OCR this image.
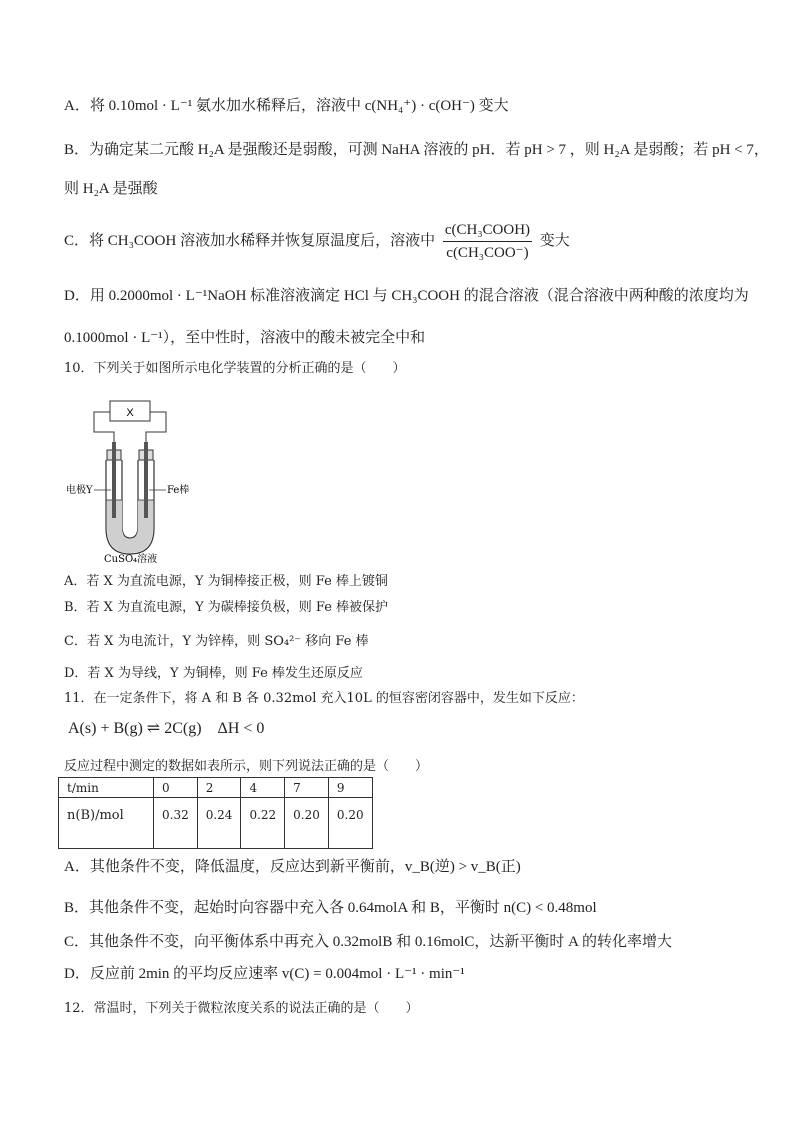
A．将 0.10mol · L⁻¹ 氨水加水稀释后，溶液中 c(NH₄⁺) · c(OH⁻) 变大
B．为确定某二元酸 H₂A 是强酸还是弱酸，可测 NaHA 溶液的 pH．若 pH > 7 ，则 H₂A 是弱酸；若 pH < 7，
则 H₂A 是强酸
C．将 CH₃COOH 溶液加水稀释并恢复原温度后，溶液中 $\frac{\text{c(CH₃COOH)}}{\text{c(CH₃COO⁻)}}$ 变大
D．用 0.2000mol · L⁻¹NaOH 标准溶液滴定 HCl 与 CH₃COOH 的混合溶液（混合溶液中两种酸的浓度均为
0.1000mol · L⁻¹），至中性时，溶液中的酸未被完全中和
10．下列关于如图所示电化学装置的分析正确的是（　　）
X
电极Y	Fe棒
CuSO₄溶液
A．若 X 为直流电源，Y 为铜棒接正极，则 Fe 棒上镀铜
B．若 X 为直流电源，Y 为碳棒接负极，则 Fe 棒被保护
C．若 X 为电流计，Y 为锌棒，则 SO₄²⁻ 移向 Fe 棒
D．若 X 为导线，Y 为铜棒，则 Fe 棒发生还原反应
11．在一定条件下，将 A 和 B 各 0.32mol 充入10L 的恒容密闭容器中，发生如下反应：
A(s) + B(g) ⇌ 2C(g)　ΔH < 0
反应过程中测定的数据如表所示，则下列说法正确的是（　　）
t/min	0	2	4	7	9
n(B)/mol	0.32	0.24	0.22	0.20	0.20
A．其他条件不变，降低温度，反应达到新平衡前，v_B(逆) > v_B(正)
B．其他条件不变，起始时向容器中充入各 0.64molA 和 B，平衡时 n(C) < 0.48mol
C．其他条件不变，向平衡体系中再充入 0.32molB 和 0.16molC，达新平衡时 A 的转化率增大
D．反应前 2min 的平均反应速率 v(C) = 0.004mol · L⁻¹ · min⁻¹
12．常温时，下列关于微粒浓度关系的说法正确的是（　　）
